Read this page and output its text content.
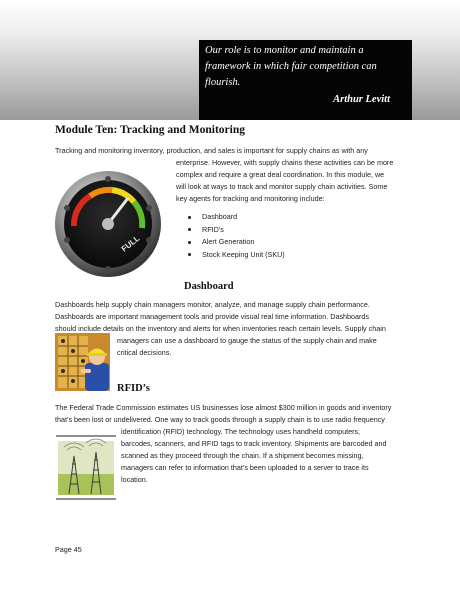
Our role is to monitor and maintain a
framework in which fair competition can
flourish.
Arthur Levitt
Module Ten: Tracking and Monitoring

Tracking and monitoring inventory, production, and sales is important for supply chains as with any

enterprise. However, with supply chains these activities can be more

complex and require a great deal coordination. In this module, we

will look at ways to track and monitor supply chain activities. Some

key agents for tracking and monitoring include:

FULL
Dashboard
RFID’s
Alert Generation
Stock Keeping Unit (SKU)
Dashboard

Dashboards help supply chain managers monitor, analyze, and manage supply chain performance.

Dashboards are important management tools and provide visual real time information. Dashboards

should include details on the inventory and alerts for when inventories reach certain levels. Supply chain

managers can use a dashboard to gauge the status of the supply chain and make

critical decisions.

RFID’s

The Federal Trade Commission estimates US businesses lose almost $300 million in goods and inventory

that’s been lost or undelivered. One way to track goods through a supply chain is to use radio frequency

identification (RFID) technology. The technology uses handheld computers,

barcodes, scanners, and RFID tags to track inventory. Shipments are barcoded and

scanned as they proceed through the chain. If a shipment becomes missing,

managers can refer to information that’s been uploaded to a server to trace its

location.

Page 45
